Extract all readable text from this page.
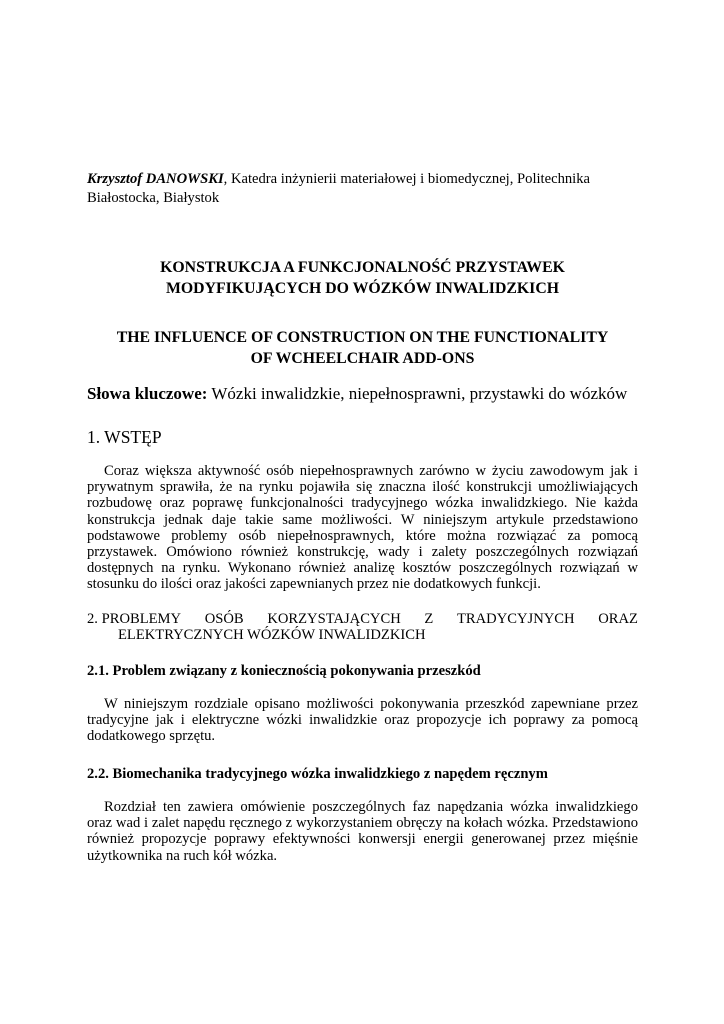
Krzysztof DANOWSKI, Katedra inżynierii materiałowej i biomedycznej, Politechnika Białostocka, Białystok

KONSTRUKCJA A FUNKCJONALNOŚĆ PRZYSTAWEK
MODYFIKUJĄCYCH DO WÓZKÓW INWALIDZKICH
THE INFLUENCE OF CONSTRUCTION ON THE FUNCTIONALITY
OF WCHEELCHAIR ADD-ONS

Słowa kluczowe: Wózki inwalidzkie, niepełnosprawni, przystawki do wózków

1. WSTĘP

Coraz większa aktywność osób niepełnosprawnych zarówno w życiu zawodowym jak i prywatnym sprawiła, że na rynku pojawiła się znaczna ilość konstrukcji umożliwiających rozbudowę oraz poprawę funkcjonalności tradycyjnego wózka inwalidzkiego. Nie każda konstrukcja jednak daje takie same możliwości. W niniejszym artykule przedstawiono podstawowe problemy osób niepełnosprawnych, które można rozwiązać za pomocą przystawek. Omówiono również konstrukcję, wady i zalety poszczególnych rozwiązań dostępnych na rynku. Wykonano również analizę kosztów poszczególnych rozwiązań w stosunku do ilości oraz jakości zapewnianych przez nie dodatkowych funkcji.

2. PROBLEMY OSÓB KORZYSTAJĄCYCH Z TRADYCYJNYCH ORAZ
ELEKTRYCZNYCH WÓZKÓW INWALIDZKICH

2.1. Problem związany z koniecznością pokonywania przeszkód

W niniejszym rozdziale opisano możliwości pokonywania przeszkód zapewniane przez tradycyjne jak i elektryczne wózki inwalidzkie oraz propozycje ich poprawy za pomocą dodatkowego sprzętu.

2.2. Biomechanika tradycyjnego wózka inwalidzkiego z napędem ręcznym

Rozdział ten zawiera omówienie poszczególnych faz napędzania wózka inwalidzkiego oraz wad i zalet napędu ręcznego z wykorzystaniem obręczy na kołach wózka. Przedstawiono również propozycje poprawy efektywności konwersji energii generowanej przez mięśnie użytkownika na ruch kół wózka.
